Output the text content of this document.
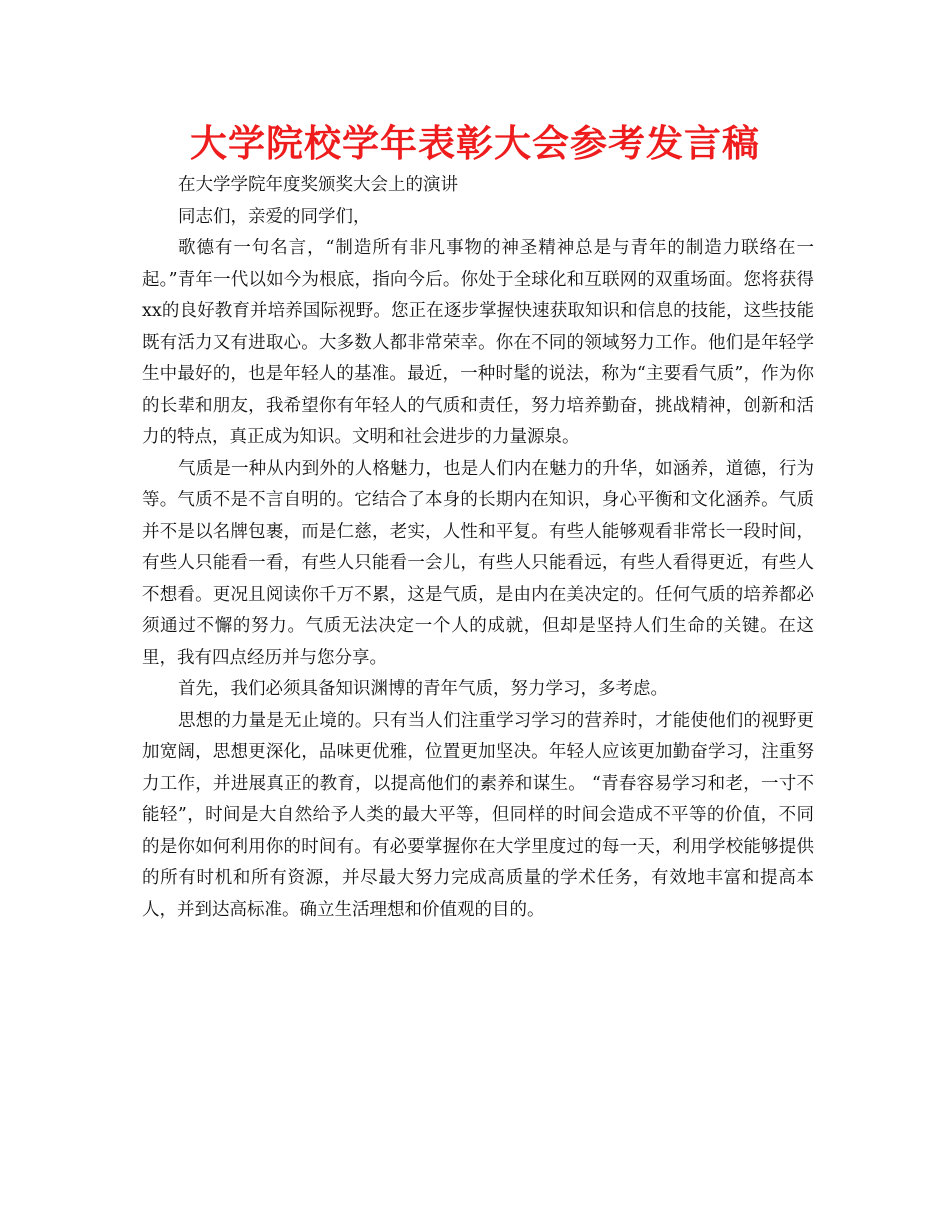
大学院校学年表彰大会参考发言稿

在大学学院年度奖颁奖大会上的演讲

同志们，亲爱的同学们，

歌德有一句名言，“制造所有非凡事物的神圣精神总是与青年的制造力联络在一起。”青年一代以如今为根底，指向今后。你处于全球化和互联网的双重场面。您将获得xx的良好教育并培养国际视野。您正在逐步掌握快速获取知识和信息的技能，这些技能既有活力又有进取心。大多数人都非常荣幸。你在不同的领域努力工作。他们是年轻学生中最好的，也是年轻人的基准。最近，一种时髦的说法，称为“主要看气质”，作为你的长辈和朋友，我希望你有年轻人的气质和责任，努力培养勤奋，挑战精神，创新和活力的特点，真正成为知识。文明和社会进步的力量源泉。

气质是一种从内到外的人格魅力，也是人们内在魅力的升华，如涵养，道德，行为等。气质不是不言自明的。它结合了本身的长期内在知识，身心平衡和文化涵养。气质并不是以名牌包裹，而是仁慈，老实，人性和平复。有些人能够观看非常长一段时间，有些人只能看一看，有些人只能看一会儿，有些人只能看远，有些人看得更近，有些人不想看。更况且阅读你千万不累，这是气质，是由内在美决定的。任何气质的培养都必须通过不懈的努力。气质无法决定一个人的成就，但却是坚持人们生命的关键。在这里，我有四点经历并与您分享。

首先，我们必须具备知识渊博的青年气质，努力学习，多考虑。

思想的力量是无止境的。只有当人们注重学习学习的营养时，才能使他们的视野更加宽阔，思想更深化，品味更优雅，位置更加坚决。年轻人应该更加勤奋学习，注重努力工作，并进展真正的教育，以提高他们的素养和谋生。 “青春容易学习和老，一寸不能轻”，时间是大自然给予人类的最大平等，但同样的时间会造成不平等的价值，不同的是你如何利用你的时间有。有必要掌握你在大学里度过的每一天，利用学校能够提供的所有时机和所有资源，并尽最大努力完成高质量的学术任务，有效地丰富和提高本人，并到达高标准。确立生活理想和价值观的目的。
